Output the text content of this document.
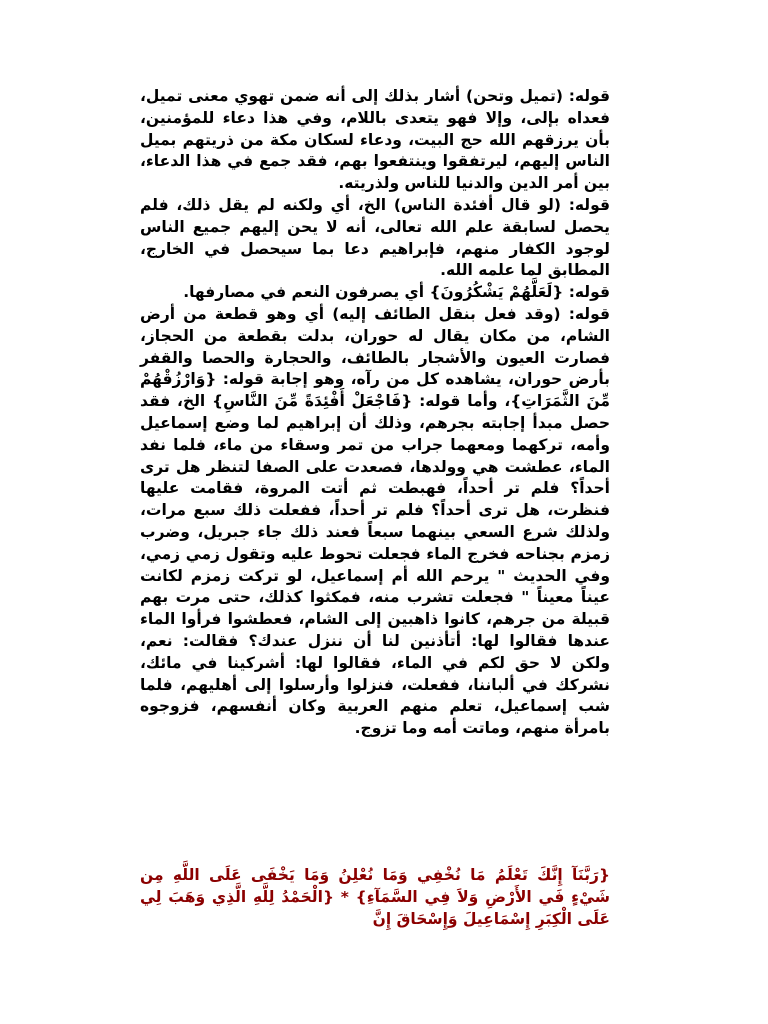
قوله: (تميل وتحن) أشار بذلك إلى أنه ضمن تهوي معنى تميل، فعداه بإلى، وإلا فهو يتعدى باللام، وفي هذا دعاء للمؤمنين، بأن يرزقهم الله حج البيت، ودعاء لسكان مكة من ذريتهم بميل الناس إليهم، ليرتفقوا وينتفعوا بهم، فقد جمع في هذا الدعاء، بين أمر الدين والدنيا للناس ولذريته.

قوله: (لو قال أفئدة الناس) الخ، أي ولكنه لم يقل ذلك، فلم يحصل لسابقة علم الله تعالى، أنه لا يحن إليهم جميع الناس لوجود الكفار منهم، فإبراهيم دعا بما سيحصل في الخارج، المطابق لما علمه الله.

قوله: {لَعَلَّهُمْ يَشْكُرُونَ} أي يصرفون النعم في مصارفها.

قوله: (وقد فعل بنقل الطائف إليه) أي وهو قطعة من أرض الشام، من مكان يقال له حوران، بدلت بقطعة من الحجاز، فصارت العيون والأشجار بالطائف، والحجارة والحصا والقفر بأرض حوران، يشاهده كل من رآه، وهو إجابة قوله: {وَارْزُقْهُمْ مِّنَ الثَّمَرَاتِ}، وأما قوله: {فَاجْعَلْ أَفْئِدَةً مِّنَ النَّاسِ} الخ، فقد حصل مبدأ إجابته بجرهم، وذلك أن إبراهيم لما وضع إسماعيل وأمه، تركهما ومعهما جراب من تمر وسقاء من ماء، فلما نفد الماء، عطشت هي وولدها، فصعدت على الصفا لتنظر هل ترى أحداً؟ فلم تر أحداً، فهبطت ثم أتت المروة، فقامت عليها فنظرت، هل ترى أحداً؟ فلم تر أحداً، ففعلت ذلك سبع مرات، ولذلك شرع السعي بينهما سبعاً فعند ذلك جاء جبريل، وضرب زمزم بجناحه فخرج الماء فجعلت تحوط عليه وتقول زمي زمي، وفي الحديث " يرحم الله أم إسماعيل، لو تركت زمزم لكانت عيناً معيناً " فجعلت تشرب منه، فمكثوا كذلك، حتى مرت بهم قبيلة من جرهم، كانوا ذاهبين إلى الشام، فعطشوا فرأوا الماء عندها فقالوا لها: أتأذنين لنا أن ننزل عندك؟ فقالت: نعم، ولكن لا حق لكم في الماء، فقالوا لها: أشركينا في مائك، نشركك في ألباننا، ففعلت، فنزلوا وأرسلوا إلى أهليهم، فلما شب إسماعيل، تعلم منهم العربية وكان أنفسهم، فزوجوه بامرأة منهم، وماتت أمه وما تزوج.

{رَبَّنَآ إِنَّكَ تَعْلَمُ مَا نُخْفِي وَمَا نُعْلِنُ وَمَا يَخْفَى عَلَى اللَّهِ مِن شَيْءٍ فَي الأَرْضِ وَلاَ فِي السَّمَآءِ} * {الْحَمْدُ لِلَّهِ الَّذِي وَهَبَ لِي عَلَى الْكِبَرِ إِسْمَاعِيلَ وَإِسْحَاقَ إِنَّ
